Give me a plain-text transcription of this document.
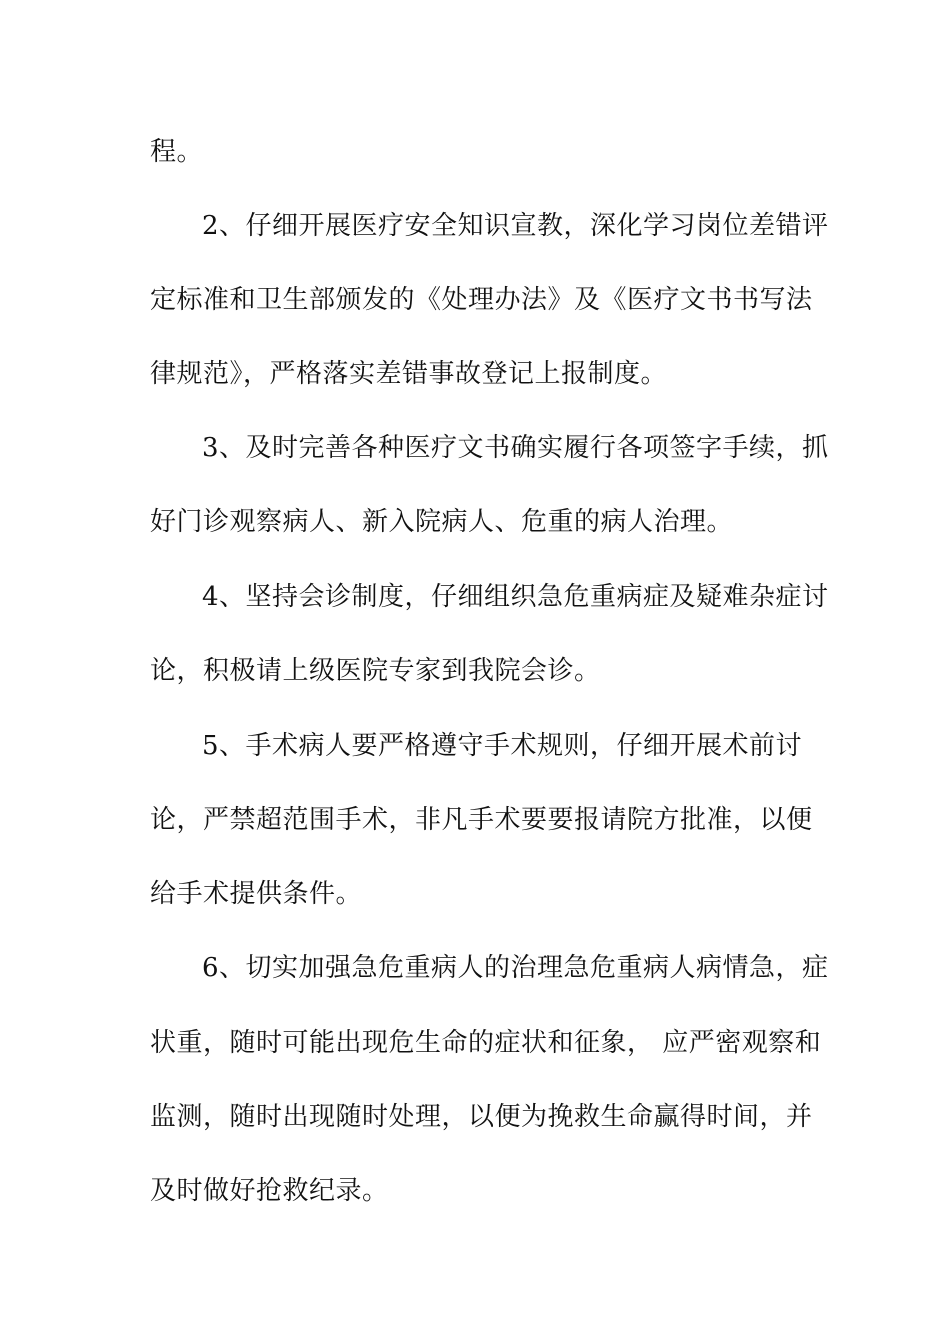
程。
2、仔细开展医疗安全知识宣教，深化学习岗位差错评
定标准和卫生部颁发的《处理办法》及《医疗文书书写法
律规范》，严格落实差错事故登记上报制度。
3、及时完善各种医疗文书确实履行各项签字手续，抓
好门诊观察病人、新入院病人、危重的病人治理。
4、坚持会诊制度，仔细组织急危重病症及疑难杂症讨
论，积极请上级医院专家到我院会诊。
5、手术病人要严格遵守手术规则，仔细开展术前讨
论，严禁超范围手术，非凡手术要要报请院方批准，以便
给手术提供条件。
6、切实加强急危重病人的治理急危重病人病情急，症
状重，随时可能出现危生命的症状和征象， 应严密观察和
监测，随时出现随时处理，以便为挽救生命赢得时间，并
及时做好抢救纪录。
